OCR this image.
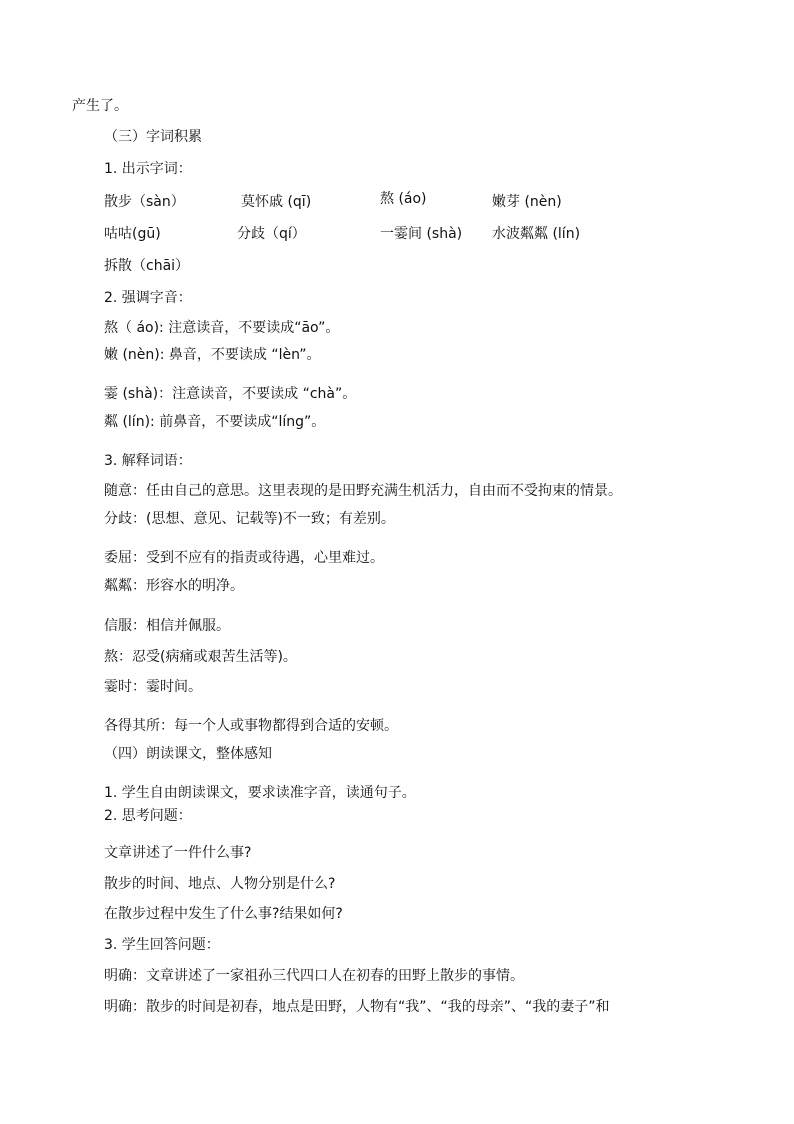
产生了。
（三）字词积累
1. 出示字词：
散步（sàn）	莫怀戚 (qī)	熬 (áo)	嫩芽 (nèn)
咕咕(gū)	分歧（qí）	一霎间 (shà) 水波粼粼 (lín)
拆散（chāi）
2. 强调字音：
熬（ áo): 注意读音，不要读成“āo”。
嫩 (nèn): 鼻音，不要读成 “lèn”。
霎 (shà)：注意读音，不要读成 “chà”。
粼 (lín): 前鼻音，不要读成“líng”。
3. 解释词语：
随意：任由自己的意思。这里表现的是田野充满生机活力，自由而不受拘束的情景。
分歧：(思想、意见、记载等)不一致；有差别。
委屈：受到不应有的指责或待遇，心里难过。
粼粼：形容水的明净。
信服：相信并佩服。
熬：忍受(病痛或艰苦生活等)。
霎时：霎时间。
各得其所：每一个人或事物都得到合适的安顿。
（四）朗读课文，整体感知
1. 学生自由朗读课文，要求读准字音，读通句子。
2. 思考问题：
文章讲述了一件什么事?
散步的时间、地点、人物分别是什么?
在散步过程中发生了什么事?结果如何?
3. 学生回答问题：
明确：文章讲述了一家祖孙三代四口人在初春的田野上散步的事情。
明确：散步的时间是初春，地点是田野，人物有“我”、“我的母亲”、“我的妻子”和
